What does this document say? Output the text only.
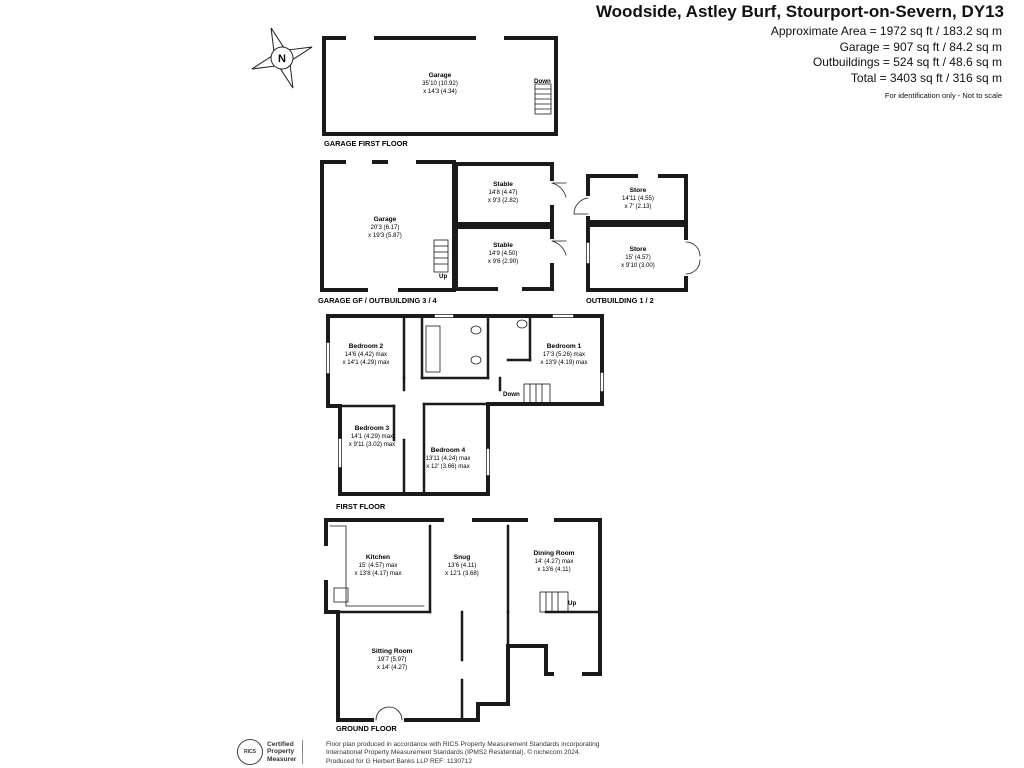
Woodside, Astley Burf, Stourport-on-Severn, DY13
Approximate Area = 1972 sq ft / 183.2 sq m
Garage = 907 sq ft / 84.2 sq m
Outbuildings = 524 sq ft / 48.6 sq m
Total = 3403 sq ft / 316 sq m
For identification only - Not to scale
N
GARAGE FIRST FLOOR
GARAGE GF / OUTBUILDING 3 / 4	OUTBUILDING 1 / 2
FIRST FLOOR
GROUND FLOOR
Garage
35'10 (10.92)
x 14'3 (4.34)
Garage
20'3 (6.17)
x 19'3 (5.87)
Stable
14'8 (4.47)
x 9'3 (2.82)
Stable
14'9 (4.50)
x 9'6 (2.90)
Store
14'11 (4.55)
x 7' (2.13)
Store
15' (4.57)
x 9'10 (3.00)
Bedroom 2
14'6 (4.42) max
x 14'1 (4.29) max
Bedroom 1
17'3 (5.26) max
x 13'9 (4.19) max
Bedroom 3
14'1 (4.29) max
x 9'11 (3.02) max
Bedroom 4
13'11 (4.24) max
x 12' (3.66) max
Kitchen
15' (4.57) max
x 13'8 (4.17) max
Snug
13'6 (4.11)
x 12'1 (3.68)
Dining Room
14' (4.27) max
x 13'6 (4.11)
Sitting Room
19'7 (5.97)
x 14' (4.27)
Down
Up
Down
Up
RICS
Certified
Property
Measurer
Floor plan produced in accordance with RICS Property Measurement Standards incorporating
International Property Measurement Standards (IPMS2 Residential). © nichecom 2024.
Produced for G Herbert Banks LLP REF: 1130712
